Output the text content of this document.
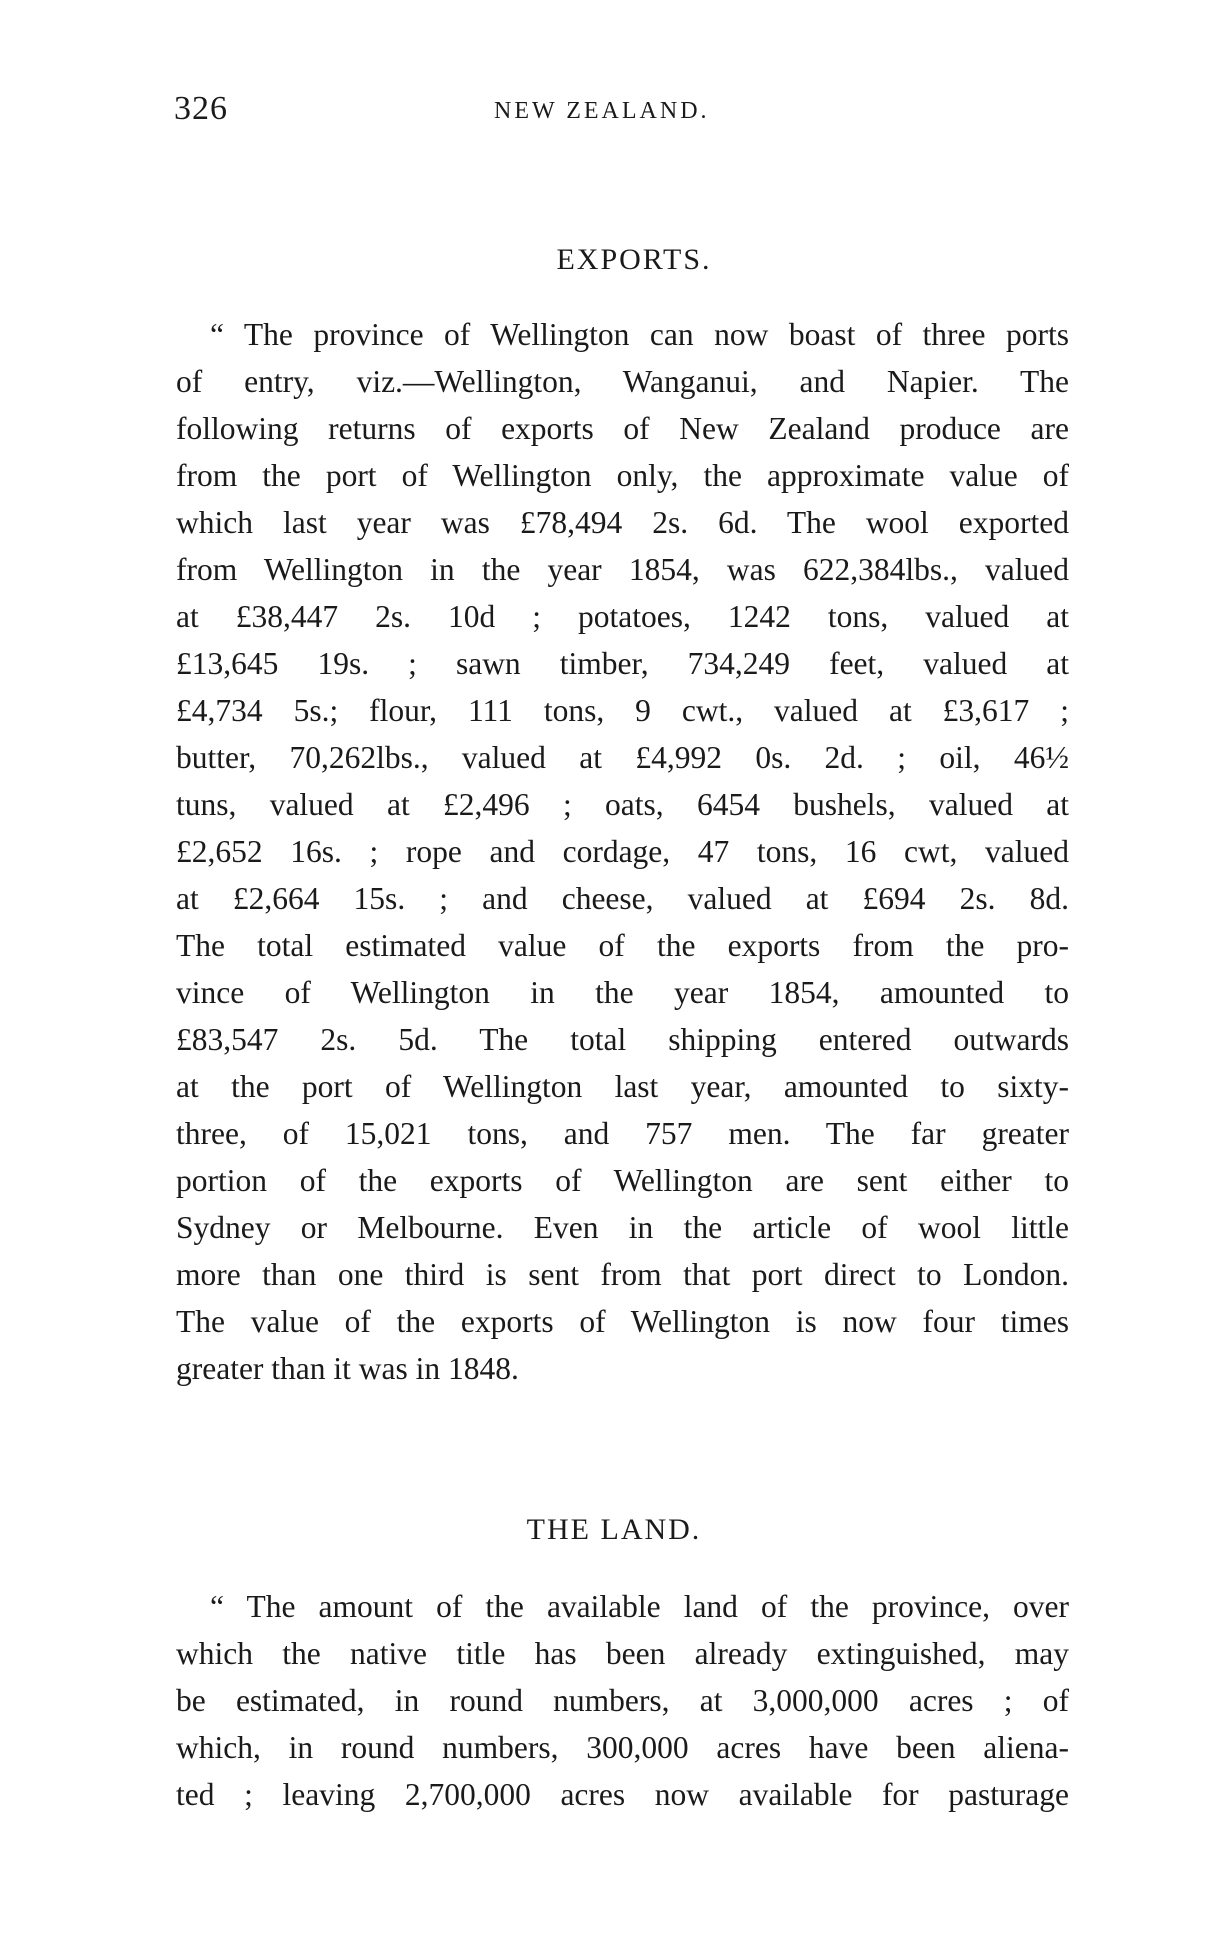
326	NEW ZEALAND.
EXPORTS.

“ The province of Wellington can now boast of three ports
of entry, viz.—Wellington, Wanganui, and Napier. The
following returns of exports of New Zealand produce are
from the port of Wellington only, the approximate value of
which last year was £78,494 2s. 6d. The wool exported
from Wellington in the year 1854, was 622,384lbs., valued
at £38,447 2s. 10d ; potatoes, 1242 tons, valued at
£13,645 19s. ; sawn timber, 734,249 feet, valued at
£4,734 5s.; flour, 111 tons, 9 cwt., valued at £3,617 ;
butter, 70,262lbs., valued at £4,992 0s. 2d. ; oil, 46½
tuns, valued at £2,496 ; oats, 6454 bushels, valued at
£2,652 16s. ; rope and cordage, 47 tons, 16 cwt, valued
at £2,664 15s. ; and cheese, valued at £694 2s. 8d.
The total estimated value of the exports from the pro-
vince of Wellington in the year 1854, amounted to
£83,547 2s. 5d. The total shipping entered outwards
at the port of Wellington last year, amounted to sixty-
three, of 15,021 tons, and 757 men. The far greater
portion of the exports of Wellington are sent either to
Sydney or Melbourne. Even in the article of wool little
more than one third is sent from that port direct to London.
The value of the exports of Wellington is now four times
greater than it was in 1848.

THE LAND.

“ The amount of the available land of the province, over
which the native title has been already extinguished, may
be estimated, in round numbers, at 3,000,000 acres ; of
which, in round numbers, 300,000 acres have been aliena-
ted ; leaving 2,700,000 acres now available for pasturage
